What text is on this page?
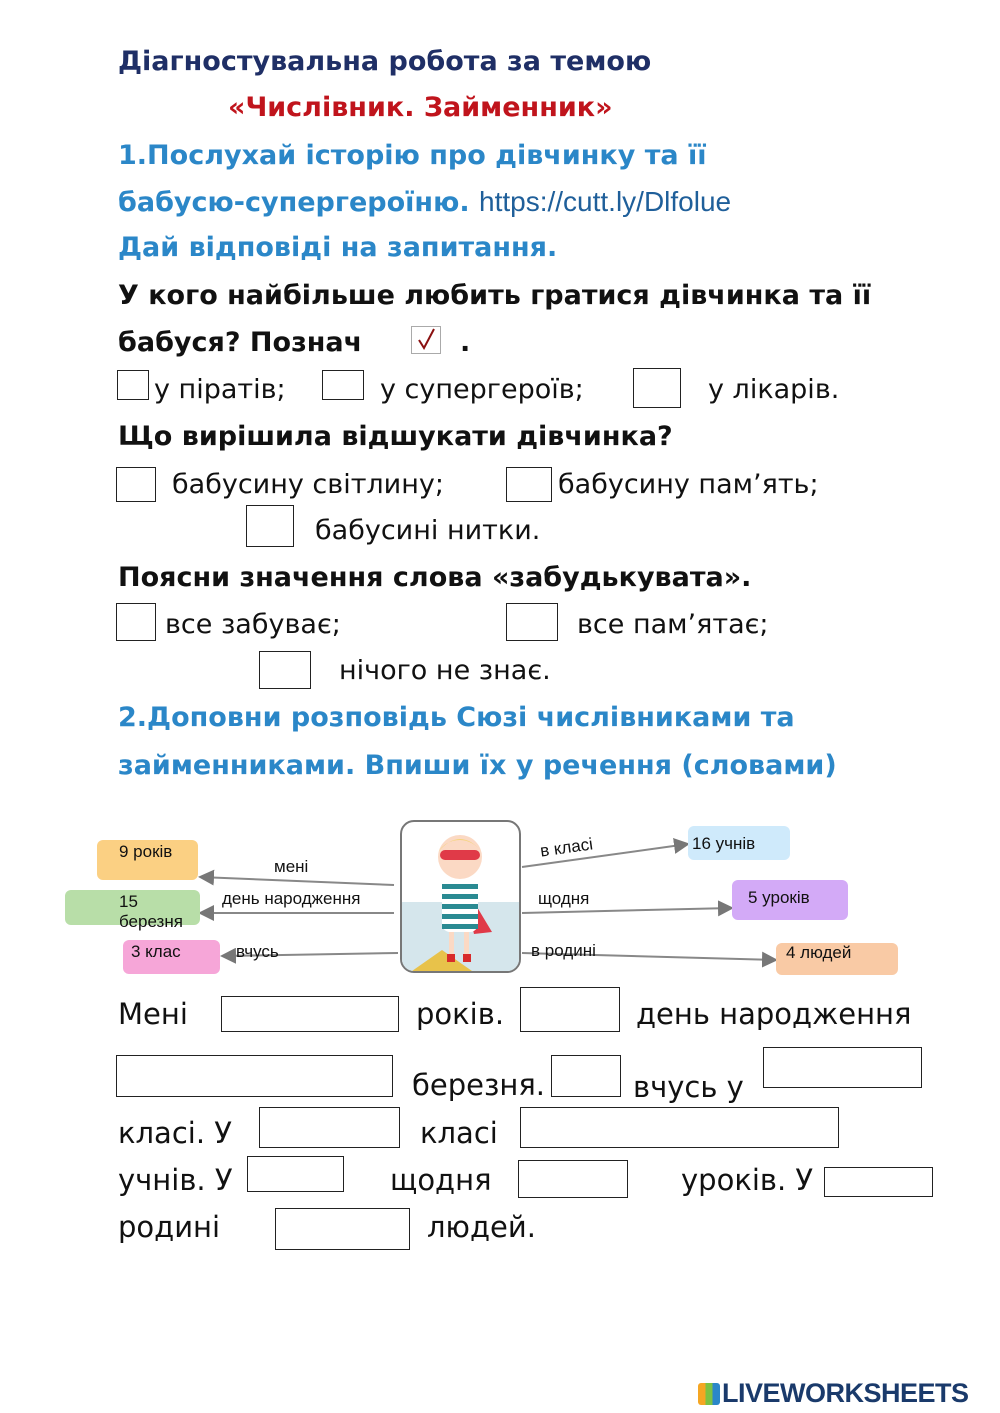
Діагностувальна робота за темою
«Числівник. Займенник»
1.Послухай історію про дівчинку та її
бабусю-супергероїню. https://cutt.ly/Dlfolue
Дай відповіді на запитання.
У кого найбільше любить гратися дівчинка та її
бабуся? Познач	.
у піратів;	у супергероїв;	у лікарів.
Що вирішила відшукати дівчинка?
бабусину світлину;	бабусину пам’ять;
бабусині нитки.
Поясни значення слова «забудькувата».
все забуває;	все пам’ятає;
нічого не знає.
2.Доповни розповідь Сюзі числівниками та
займенниками. Впиши їх у речення (словами)
9 років
15 березня
3 клас
16 учнів
5 уроків
4 людей
мені
день народження
вчусь
в класі
щодня
в родині
Мені	років.	день народження
березня.	вчусь у
класі. У	класі
учнів. У	щодня	уроків. У
родині	людей.
LIVEWORKSHEETS
